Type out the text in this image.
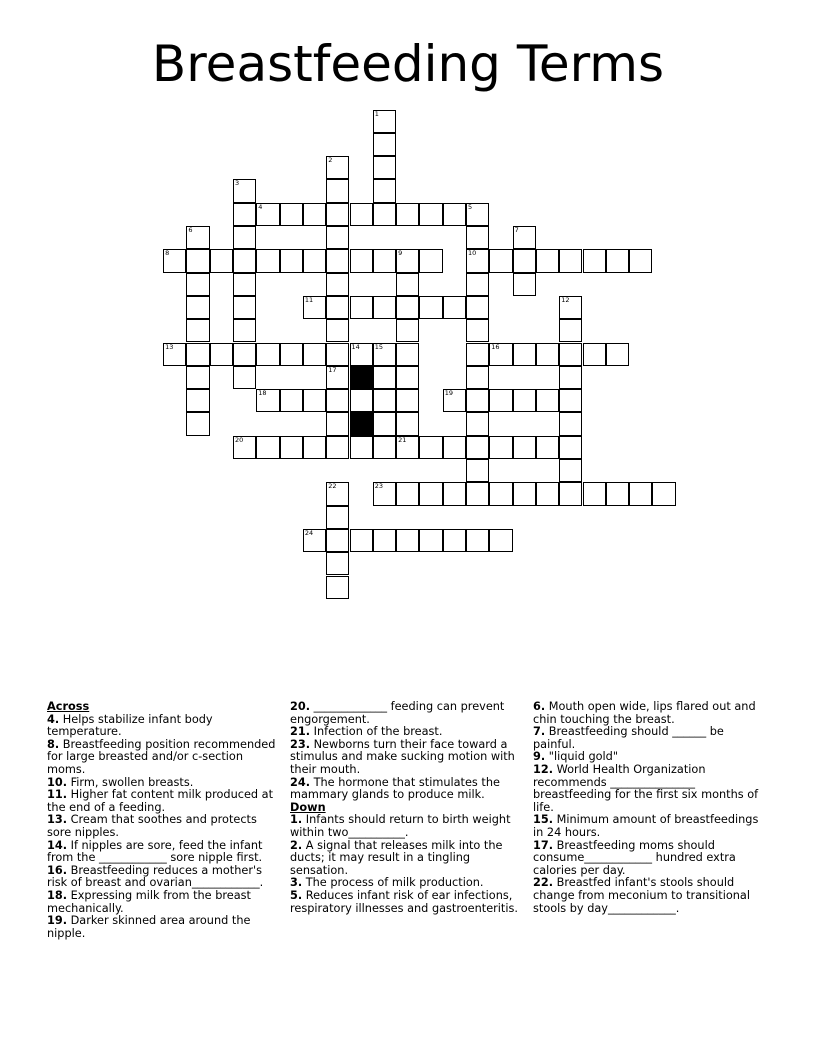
Breastfeeding Terms
1
2
17
3
4	5
10
6	7
8	9
21
11	12
13	14 15	16
18	19
20
22	23
24
Across

4. Helps stabilize infant body temperature.

8. Breastfeeding position recommended for large breasted and/or c-section moms.

10. Firm, swollen breasts.

11. Higher fat content milk produced at the end of a feeding.

13. Cream that soothes and protects sore nipples.

14. If nipples are sore, feed the infant from the ____________ sore nipple first.

16. Breastfeeding reduces a mother's risk of breast and ovarian____________.

18. Expressing milk from the breast mechanically.

19. Darker skinned area around the nipple.

20. _____________ feeding can prevent engorgement.

21. Infection of the breast.

23. Newborns turn their face toward a stimulus and make sucking motion with their mouth.

24. The hormone that stimulates the mammary glands to produce milk.

Down

1. Infants should return to birth weight within two__________.

2. A signal that releases milk into the ducts; it may result in a tingling sensation.

3. The process of milk production.

5. Reduces infant risk of ear infections, respiratory illnesses and gastroenteritis.

6. Mouth open wide, lips flared out and chin touching the breast.

7. Breastfeeding should ______ be painful.

9. "liquid gold"

12. World Health Organization recommends _______________ breastfeeding for the first six months of life.

15. Minimum amount of breastfeedings in 24 hours.

17. Breastfeeding moms should consume____________ hundred extra calories per day.

22. Breastfed infant's stools should change from meconium to transitional stools by day____________.
